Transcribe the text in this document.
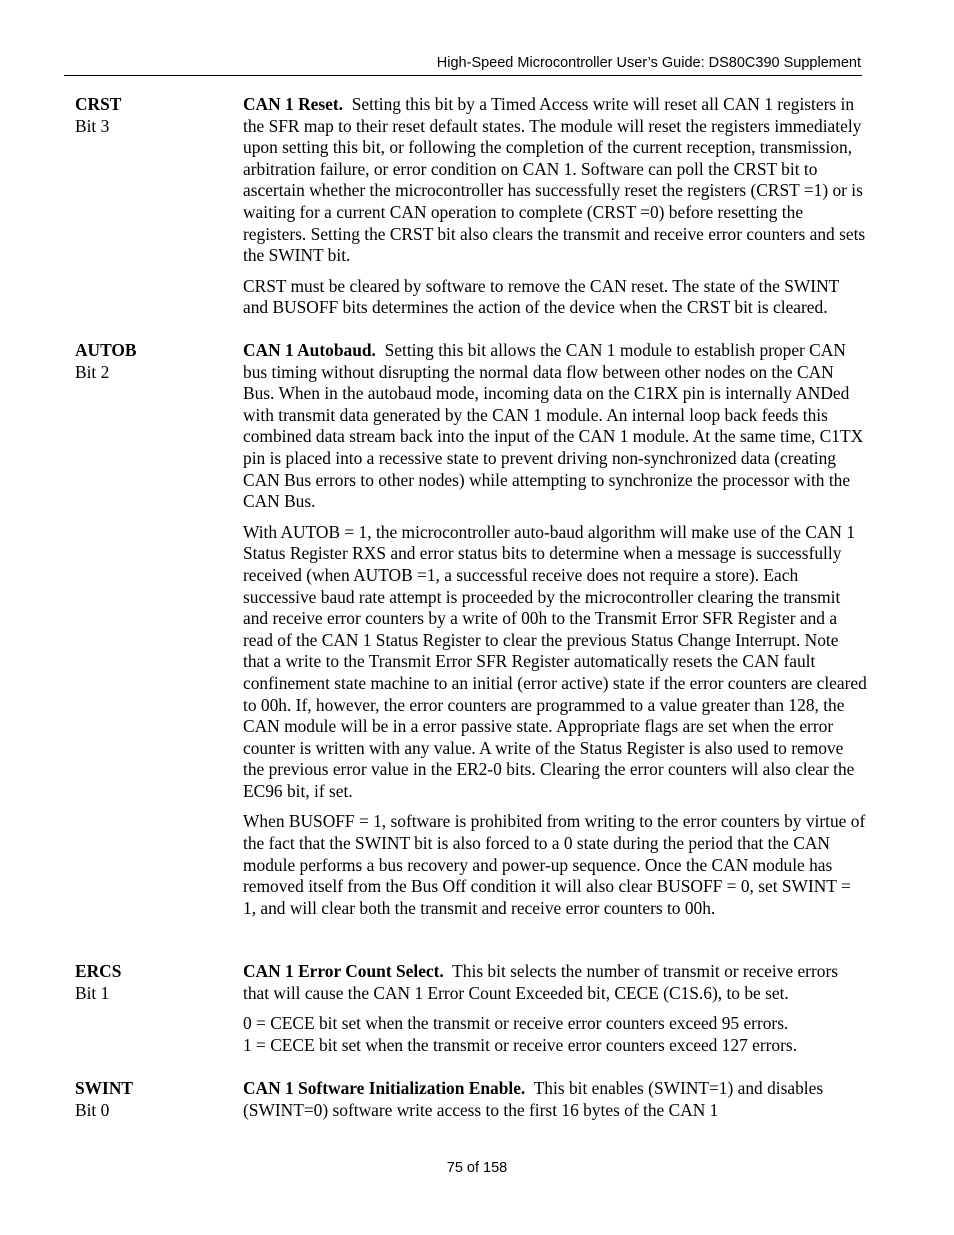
High-Speed Microcontroller User’s Guide: DS80C390 Supplement
CRST
Bit 3

CAN 1 Reset. Setting this bit by a Timed Access write will reset all CAN 1 registers in the SFR map to their reset default states. The module will reset the registers immediately upon setting this bit, or following the completion of the current reception, transmission, arbitration failure, or error condition on CAN 1. Software can poll the CRST bit to ascertain whether the microcontroller has successfully reset the registers (CRST =1) or is waiting for a current CAN operation to complete (CRST =0) before resetting the registers. Setting the CRST bit also clears the transmit and receive error counters and sets the SWINT bit.

CRST must be cleared by software to remove the CAN reset. The state of the SWINT and BUSOFF bits determines the action of the device when the CRST bit is cleared.

AUTOB
Bit 2

CAN 1 Autobaud. Setting this bit allows the CAN 1 module to establish proper CAN bus timing without disrupting the normal data flow between other nodes on the CAN Bus. When in the autobaud mode, incoming data on the C1RX pin is internally ANDed with transmit data generated by the CAN 1 module. An internal loop back feeds this combined data stream back into the input of the CAN 1 module. At the same time, C1TX pin is placed into a recessive state to prevent driving non-synchronized data (creating CAN Bus errors to other nodes) while attempting to synchronize the processor with the CAN Bus.

With AUTOB = 1, the microcontroller auto-baud algorithm will make use of the CAN 1 Status Register RXS and error status bits to determine when a message is successfully received (when AUTOB =1, a successful receive does not require a store). Each successive baud rate attempt is proceeded by the microcontroller clearing the transmit and receive error counters by a write of 00h to the Transmit Error SFR Register and a read of the CAN 1 Status Register to clear the previous Status Change Interrupt. Note that a write to the Transmit Error SFR Register automatically resets the CAN fault confinement state machine to an initial (error active) state if the error counters are cleared to 00h. If, however, the error counters are programmed to a value greater than 128, the CAN module will be in a error passive state. Appropriate flags are set when the error counter is written with any value. A write of the Status Register is also used to remove the previous error value in the ER2-0 bits. Clearing the error counters will also clear the EC96 bit, if set.

When BUSOFF = 1, software is prohibited from writing to the error counters by virtue of the fact that the SWINT bit is also forced to a 0 state during the period that the CAN module performs a bus recovery and power-up sequence. Once the CAN module has removed itself from the Bus Off condition it will also clear BUSOFF = 0, set SWINT = 1, and will clear both the transmit and receive error counters to 00h.

ERCS
Bit 1

CAN 1 Error Count Select. This bit selects the number of transmit or receive errors that will cause the CAN 1 Error Count Exceeded bit, CECE (C1S.6), to be set.

0 = CECE bit set when the transmit or receive error counters exceed 95 errors.
1 = CECE bit set when the transmit or receive error counters exceed 127 errors.

SWINT
Bit 0

CAN 1 Software Initialization Enable. This bit enables (SWINT=1) and disables (SWINT=0) software write access to the first 16 bytes of the CAN 1

75 of 158
